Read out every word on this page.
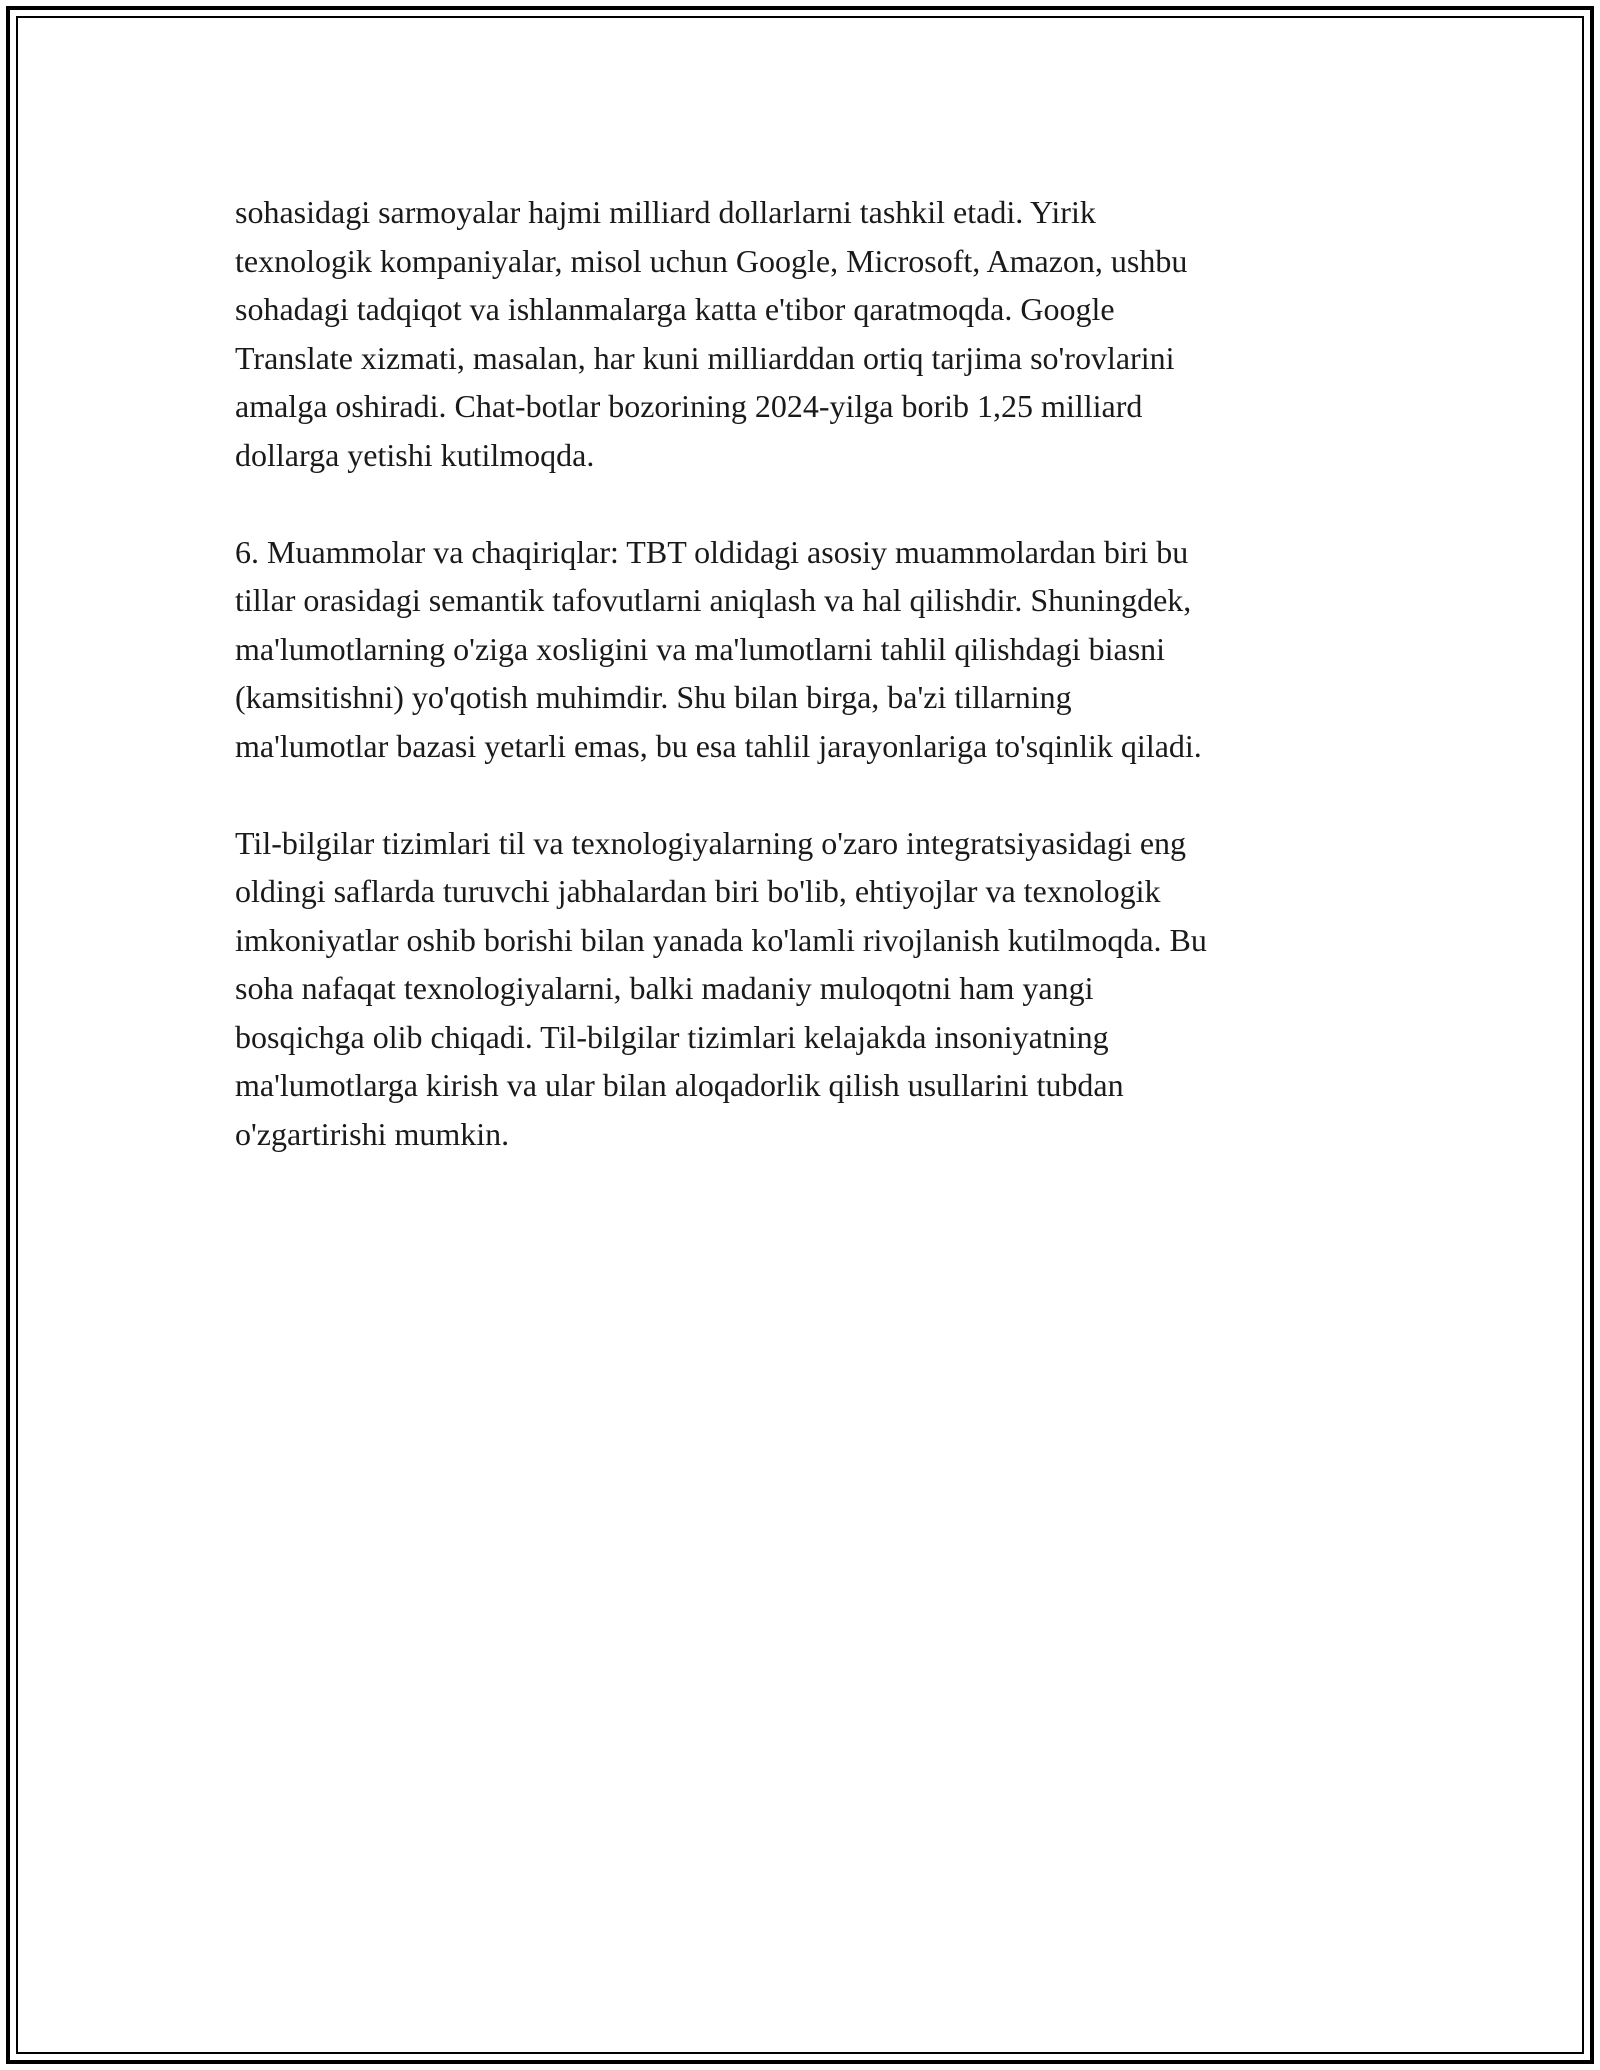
sohasidagi sarmoyalar hajmi milliard dollarlarni tashkil etadi. Yirik
texnologik kompaniyalar, misol uchun Google, Microsoft, Amazon, ushbu
sohadagi tadqiqot va ishlanmalarga katta e'tibor qaratmoqda. Google
Translate xizmati, masalan, har kuni milliarddan ortiq tarjima so'rovlarini
amalga oshiradi. Chat-botlar bozorining 2024-yilga borib 1,25 milliard
dollarga yetishi kutilmoqda.

6. Muammolar va chaqiriqlar: TBT oldidagi asosiy muammolardan biri bu
tillar orasidagi semantik tafovutlarni aniqlash va hal qilishdir. Shuningdek,
ma'lumotlarning o'ziga xosligini va ma'lumotlarni tahlil qilishdagi biasni
(kamsitishni) yo'qotish muhimdir. Shu bilan birga, ba'zi tillarning
ma'lumotlar bazasi yetarli emas, bu esa tahlil jarayonlariga to'sqinlik qiladi.

Til-bilgilar tizimlari til va texnologiyalarning o'zaro integratsiyasidagi eng
oldingi saflarda turuvchi jabhalardan biri bo'lib, ehtiyojlar va texnologik
imkoniyatlar oshib borishi bilan yanada ko'lamli rivojlanish kutilmoqda. Bu
soha nafaqat texnologiyalarni, balki madaniy muloqotni ham yangi
bosqichga olib chiqadi. Til-bilgilar tizimlari kelajakda insoniyatning
ma'lumotlarga kirish va ular bilan aloqadorlik qilish usullarini tubdan
o'zgartirishi mumkin.
